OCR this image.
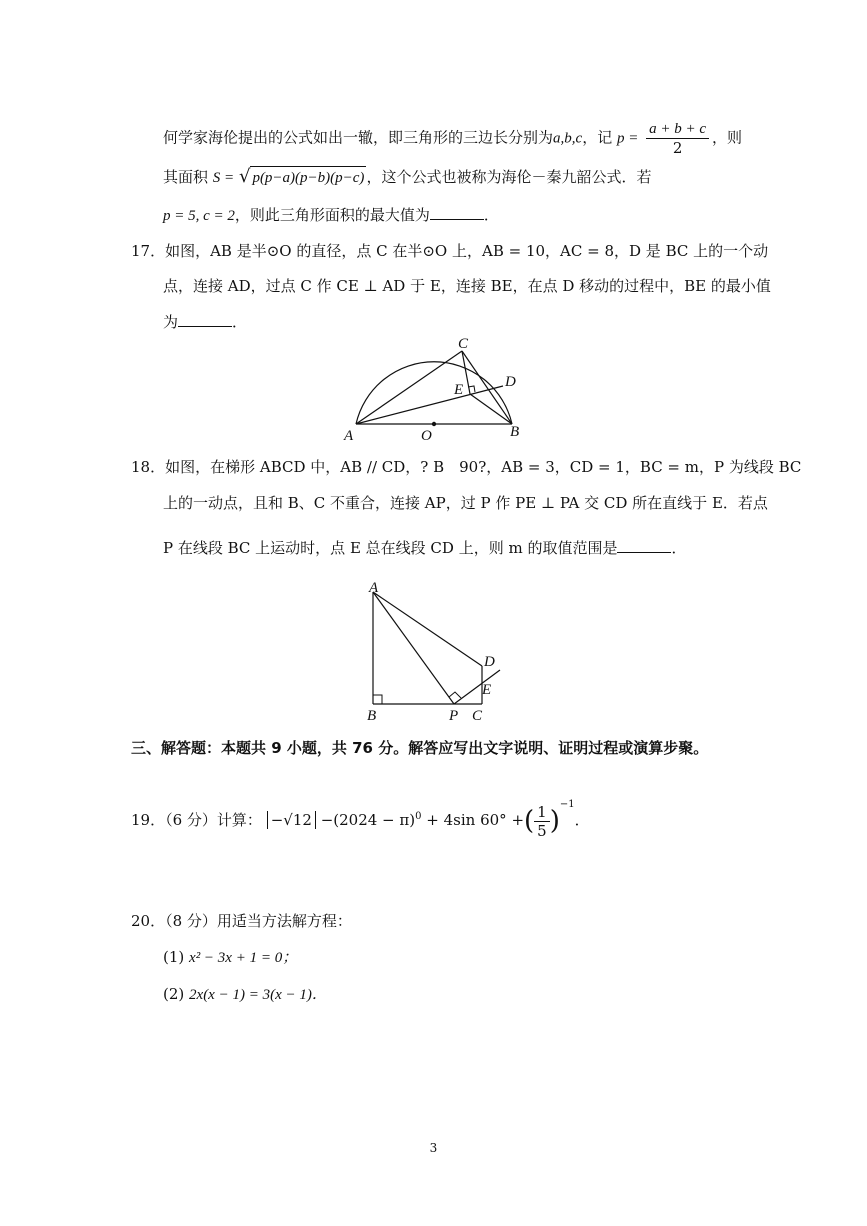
何学家海伦提出的公式如出一辙，即三角形的三边长分别为a,b,c，记 $p = \frac{a + b + c}{2}$ ，则
其面积 S = √ p(p−a)(p−b)(p−c) ，这个公式也被称为海伦－秦九韶公式．若
p = 5, c = 2，则此三角形面积的最大值为	．
17．如图，AB 是半⊙O 的直径，点 C 在半⊙O 上，AB = 10，AC = 8，D 是 BC 上的一个动
点，连接 AD，过点 C 作 CE ⊥ AD 于 E，连接 BE，在点 D 移动的过程中，BE 的最小值
为	．
A	B
C
D
E
O
18．如图，在梯形 ABCD 中，AB // CD，? B　90?，AB = 3，CD = 1，BC = m，P 为线段 BC
上的一动点，且和 B、C 不重合，连接 AP，过 P 作 PE ⊥ PA 交 CD 所在直线于 E．若点
P 在线段 BC 上运动时，点 E 总在线段 CD 上，则 m 的取值范围是	．
A
B	P C
D
E
三、解答题：本题共 9 小题，共 76 分。解答应写出文字说明、证明过程或演算步聚。
19．（6 分）计算： $-√12 -(2024 - \pi)^0 + 4\sin$ 60° +( $\frac{1}{5} )^{-1}$．
20．（8 分）用适当方法解方程：
(1) x² − 3x + 1 = 0；
(2) 2x(x − 1) = 3(x − 1)．
3
